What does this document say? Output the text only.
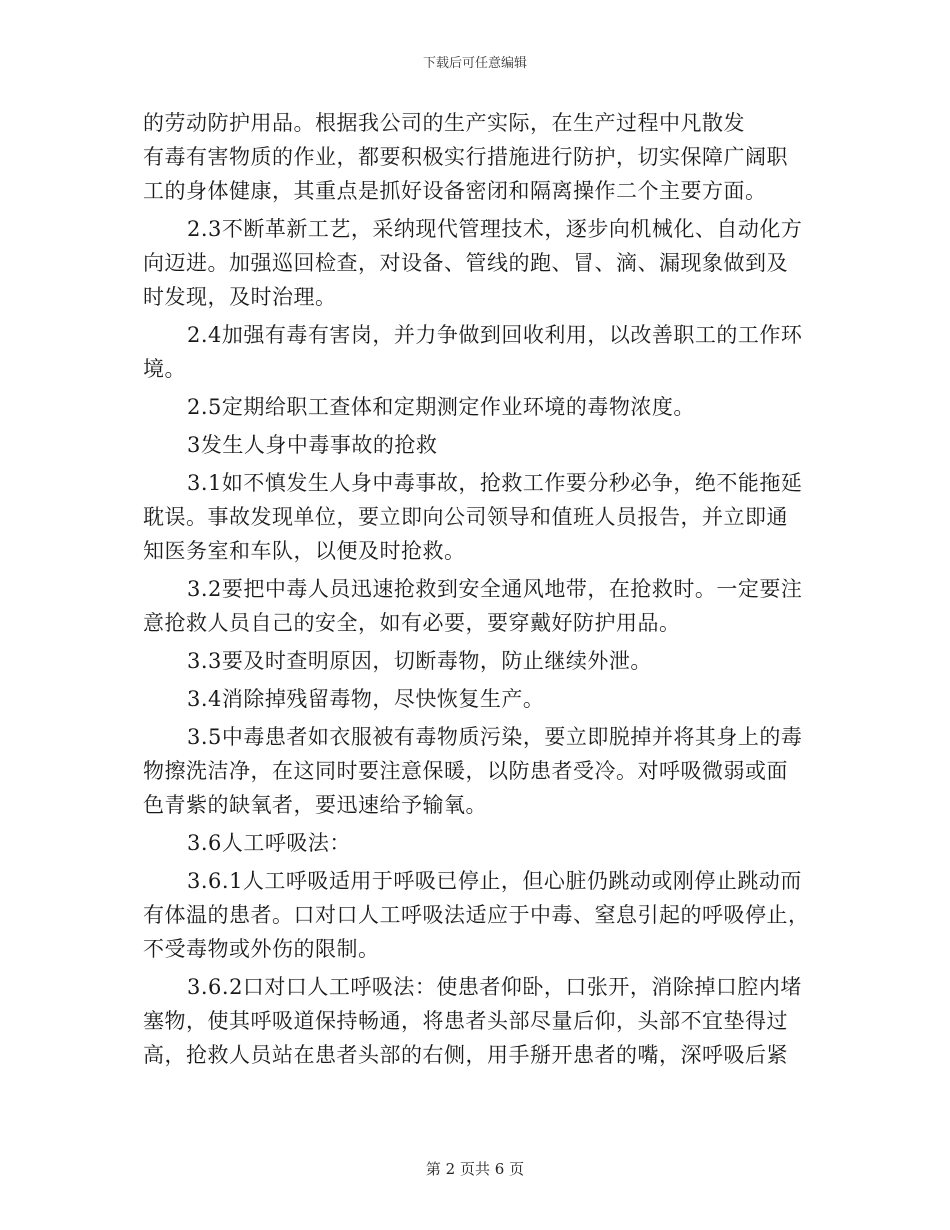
下载后可任意编辑
的劳动防护用品。根据我公司的生产实际，在生产过程中凡散发
有毒有害物质的作业，都要积极实行措施进行防护，切实保障广阔职
工的身体健康，其重点是抓好设备密闭和隔离操作二个主要方面。
2.3不断革新工艺，采纳现代管理技术，逐步向机械化、自动化方
向迈进。加强巡回检查，对设备、管线的跑、冒、滴、漏现象做到及
时发现，及时治理。
2.4加强有毒有害岗，并力争做到回收利用，以改善职工的工作环
境。
2.5定期给职工查体和定期测定作业环境的毒物浓度。
3发生人身中毒事故的抢救
3.1如不慎发生人身中毒事故，抢救工作要分秒必争，绝不能拖延
耽误。事故发现单位，要立即向公司领导和值班人员报告，并立即通
知医务室和车队，以便及时抢救。
3.2要把中毒人员迅速抢救到安全通风地带，在抢救时。一定要注
意抢救人员自己的安全，如有必要，要穿戴好防护用品。
3.3要及时查明原因，切断毒物，防止继续外泄。
3.4消除掉残留毒物，尽快恢复生产。
3.5中毒患者如衣服被有毒物质污染，要立即脱掉并将其身上的毒
物擦洗洁净，在这同时要注意保暖，以防患者受冷。对呼吸微弱或面
色青紫的缺氧者，要迅速给予输氧。
3.6人工呼吸法：
3.6.1人工呼吸适用于呼吸已停止，但心脏仍跳动或刚停止跳动而
有体温的患者。口对口人工呼吸法适应于中毒、窒息引起的呼吸停止，
不受毒物或外伤的限制。
3.6.2口对口人工呼吸法：使患者仰卧，口张开，消除掉口腔内堵
塞物，使其呼吸道保持畅通，将患者头部尽量后仰，头部不宜垫得过
高，抢救人员站在患者头部的右侧，用手掰开患者的嘴，深呼吸后紧
第 2 页共 6 页
